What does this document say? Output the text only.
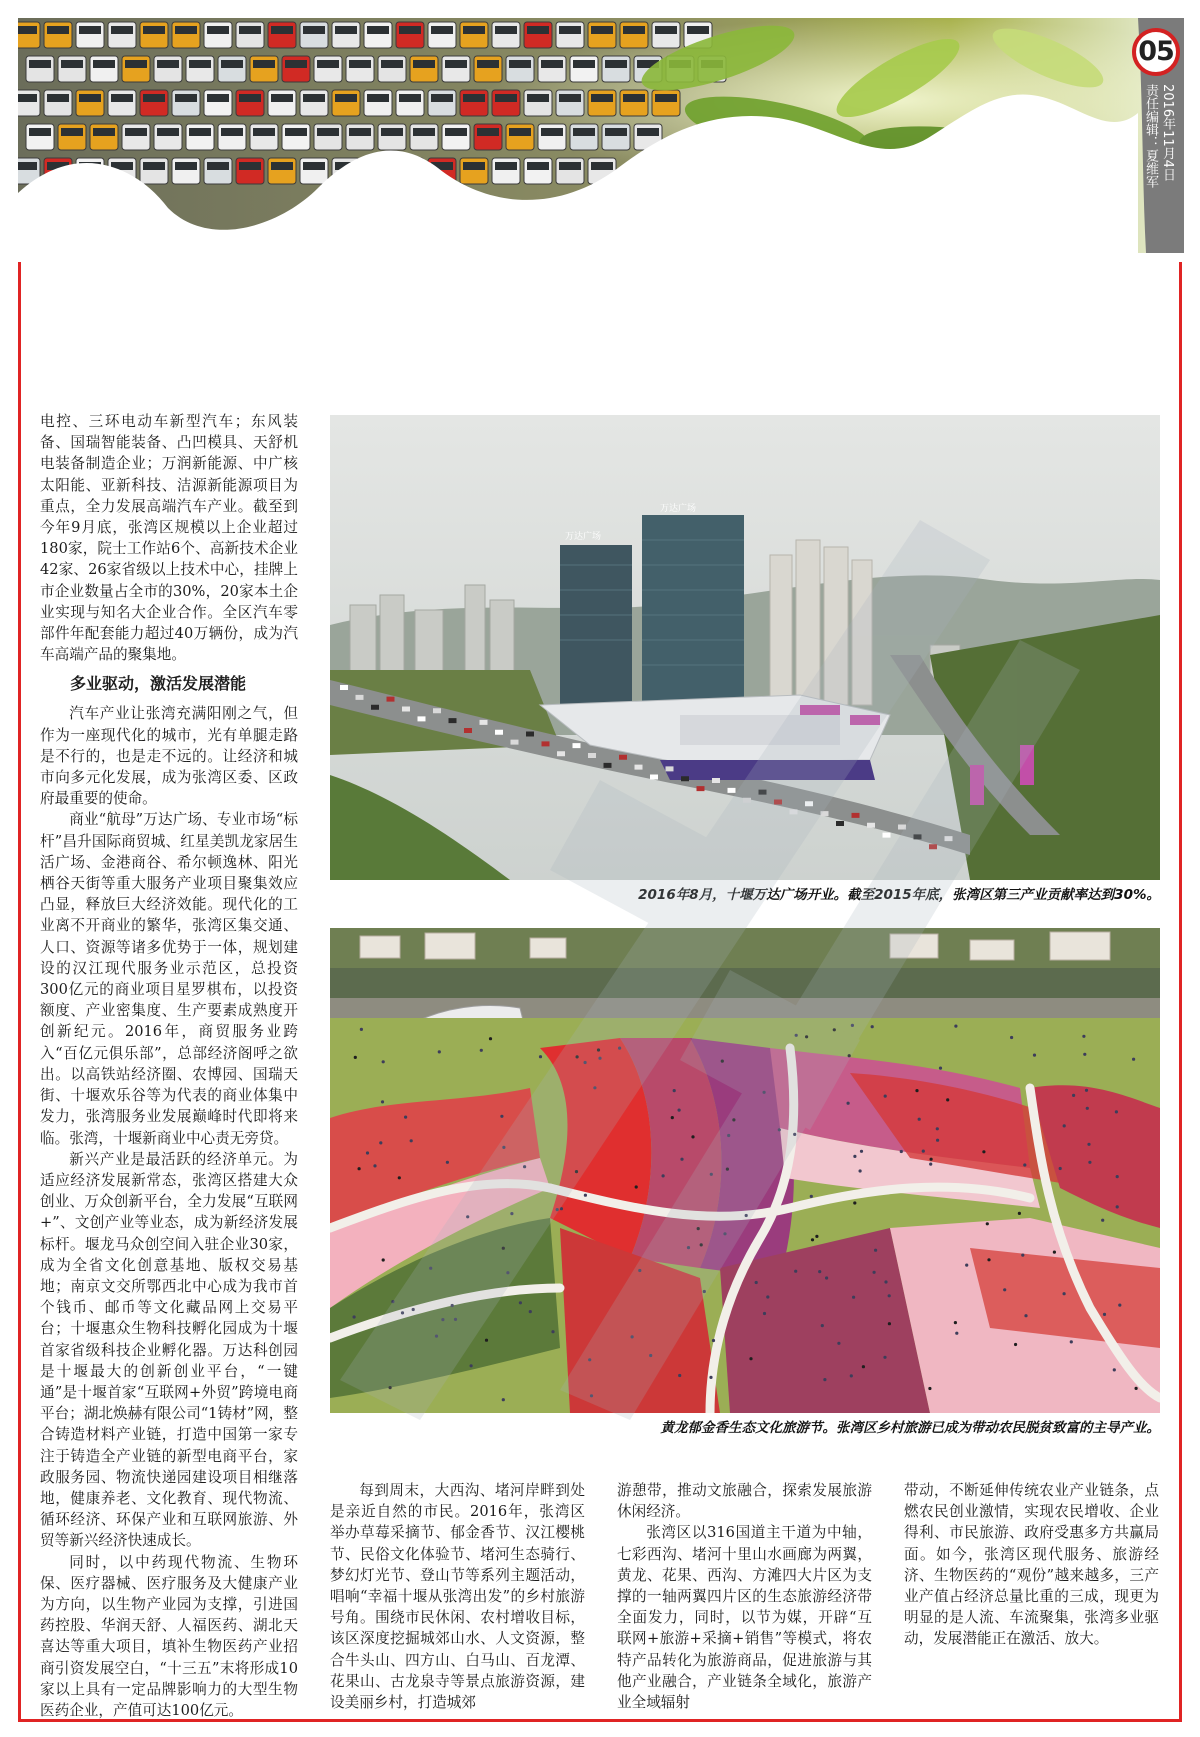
05
2016年11月4日
责任编辑：夏维军

电控、三环电动车新型汽车；东风装备、国瑞智能装备、凸凹模具、天舒机电装备制造企业；万润新能源、中广核太阳能、亚新科技、洁源新能源项目为重点，全力发展高端汽车产业。截至到今年9月底，张湾区规模以上企业超过180家，院士工作站6个、高新技术企业42家、26家省级以上技术中心，挂牌上市企业数量占全市的30%，20家本土企业实现与知名大企业合作。全区汽车零部件年配套能力超过40万辆份，成为汽车高端产品的聚集地。

多业驱动，激活发展潜能

汽车产业让张湾充满阳刚之气，但作为一座现代化的城市，光有单腿走路是不行的，也是走不远的。让经济和城市向多元化发展，成为张湾区委、区政府最重要的使命。

商业“航母”万达广场、专业市场“标杆”昌升国际商贸城、红星美凯龙家居生活广场、金港商谷、希尔顿逸林、阳光栖谷天街等重大服务产业项目聚集效应凸显，释放巨大经济效能。现代化的工业离不开商业的繁华，张湾区集交通、人口、资源等诸多优势于一体，规划建设的汉江现代服务业示范区，总投资300亿元的商业项目星罗棋布，以投资额度、产业密集度、生产要素成熟度开创新纪元。2016年，商贸服务业跨入“百亿元俱乐部”，总部经济阁呼之欲出。以高铁站经济圈、农博园、国瑞天街、十堰欢乐谷等为代表的商业体集中发力，张湾服务业发展巅峰时代即将来临。张湾，十堰新商业中心责无旁贷。

新兴产业是最活跃的经济单元。为适应经济发展新常态，张湾区搭建大众创业、万众创新平台，全力发展“互联网+”、文创产业等业态，成为新经济发展标杆。堰龙马众创空间入驻企业30家，成为全省文化创意基地、版权交易基地；南京文交所鄂西北中心成为我市首个钱币、邮币等文化藏品网上交易平台；十堰惠众生物科技孵化园成为十堰首家省级科技企业孵化器。万达科创园是十堰最大的创新创业平台，“一键通”是十堰首家“互联网+外贸”跨境电商平台；湖北焕赫有限公司“1铸材”网，整合铸造材料产业链，打造中国第一家专注于铸造全产业链的新型电商平台，家政服务园、物流快递园建设项目相继落地，健康养老、文化教育、现代物流、循环经济、环保产业和互联网旅游、外贸等新兴经济快速成长。

同时，以中药现代物流、生物环保、医疗器械、医疗服务及大健康产业为方向，以生物产业园为支撑，引进国药控股、华润天舒、人福医药、湖北天喜达等重大项目，填补生物医药产业招商引资发展空白，“十三五”末将形成10家以上具有一定品牌影响力的大型生物医药企业，产值可达100亿元。

万达广场
万达广场
2016年8月，十堰万达广场开业。截至2015年底，张湾区第三产业贡献率达到30%。
黄龙郁金香生态文化旅游节。张湾区乡村旅游已成为带动农民脱贫致富的主导产业。

每到周末，大西沟、堵河岸畔到处是亲近自然的市民。2016年，张湾区举办草莓采摘节、郁金香节、汉江樱桃节、民俗文化体验节、堵河生态骑行、梦幻灯光节、登山节等系列主题活动，唱响“幸福十堰从张湾出发”的乡村旅游号角。围绕市民休闲、农村增收目标，该区深度挖掘城郊山水、人文资源，整合牛头山、四方山、白马山、百龙潭、花果山、古龙泉寺等景点旅游资源，建设美丽乡村，打造城郊

游憩带，推动文旅融合，探索发展旅游休闲经济。

张湾区以316国道主干道为中轴，七彩西沟、堵河十里山水画廊为两翼，黄龙、花果、西沟、方滩四大片区为支撑的一轴两翼四片区的生态旅游经济带全面发力，同时，以节为媒，开辟“互联网+旅游+采摘+销售”等模式，将农特产品转化为旅游商品，促进旅游与其他产业融合，产业链条全域化，旅游产业全域辐射

带动，不断延伸传统农业产业链条，点燃农民创业激情，实现农民增收、企业得利、市民旅游、政府受惠多方共赢局面。如今，张湾区现代服务、旅游经济、生物医药的“观份”越来越多，三产业产值占经济总量比重的三成，现更为明显的是人流、车流聚集，张湾多业驱动，发展潜能正在激活、放大。
